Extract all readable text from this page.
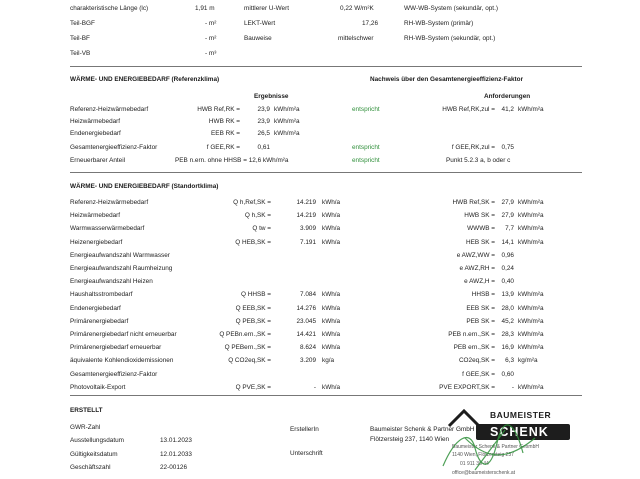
charakteristische Länge (lc)	1,91 m	mittlerer U-Wert	0,22 W/m²K	WW-WB-System (sekundär, opt.)
Teil-BGF	- m²	LEKT-Wert	17,26	RH-WB-System (primär)
Teil-BF	- m²	Bauweise	mittelschwer	RH-WB-System (sekundär, opt.)
Teil-VB	- m³
WÄRME- UND ENERGIEBEDARF (Referenzklima)	Nachweis über den Gesamtenergieeffizienz-Faktor
Ergebnisse	Anforderungen
Referenz-Heizwärmebedarf	HWB Ref,RK =	23,9 kWh/m²a	entspricht	HWB Ref,RK,zul =	41,2 kWh/m²a
Heizwärmebedarf	HWB RK =	23,9 kWh/m²a
Endenergiebedarf	EEB RK =	26,5 kWh/m²a
Gesamtenergieeffizienz-Faktor	f GEE,RK =	0,61	entspricht	f GEE,RK,zul =	0,75
Erneuerbarer Anteil	PEB n.ern. ohne HHSB = 12,6 kWh/m²a	entspricht	Punkt 5.2.3 a, b oder c
WÄRME- UND ENERGIEBEDARF (Standortklima)
Referenz-Heizwärmebedarf	Q h,Ref,SK =	14.219 kWh/a	HWB Ref,SK =	27,9 kWh/m²a
Heizwärmebedarf	Q h,SK =	14.219 kWh/a	HWB SK =	27,9 kWh/m²a
Warmwasserwärmebedarf	Q tw =	3.909 kWh/a	WWWB =	7,7 kWh/m²a
Heizenergiebedarf	Q HEB,SK =	7.191 kWh/a	HEB SK =	14,1 kWh/m²a
Energieaufwandszahl Warmwasser	e AWZ,WW =	0,96
Energieaufwandszahl Raumheizung	e AWZ,RH =	0,24
Energieaufwandszahl Heizen	e AWZ,H =	0,40
Haushaltsstrombedarf	Q HHSB =	7.084 kWh/a	HHSB =	13,9 kWh/m²a
Endenergiebedarf	Q EEB,SK =	14.276 kWh/a	EEB SK =	28,0 kWh/m²a
Primärenergiebedarf	Q PEB,SK =	23.045 kWh/a	PEB SK =	45,2 kWh/m²a
Primärenergiebedarf nicht erneuerbar	Q PEBn.ern.,SK =	14.421 kWh/a	PEB n.ern.,SK =	28,3 kWh/m²a
Primärenergiebedarf erneuerbar	Q PEBern.,SK =	8.624 kWh/a	PEB ern.,SK =	16,9 kWh/m²a
äquivalente Kohlendioxidemissionen	Q CO2eq,SK =	3.209 kg/a	CO2eq,SK =	6,3 kg/m²a
Gesamtenergieeffizienz-Faktor	f GEE,SK =	0,60
Photovoltaik-Export	Q PVE,SK =	- kWh/a	PVE EXPORT,SK =	- kWh/m²a
ERSTELLT
GWR-Zahl
Ausstellungsdatum	13.01.2023
Gültigkeitsdatum	12.01.2033
Geschäftszahl	22-00126
ErstellerIn	Baumeister Schenk & Partner GmbH
Flötzersteig 237, 1140 Wien
Unterschrift
BAUMEISTER
SCHENK
Baumeister Schenk & Partner GesmbH
1140 Wien, Flötzersteig 237
01 911 36 44
office@baumeisterschenk.at
